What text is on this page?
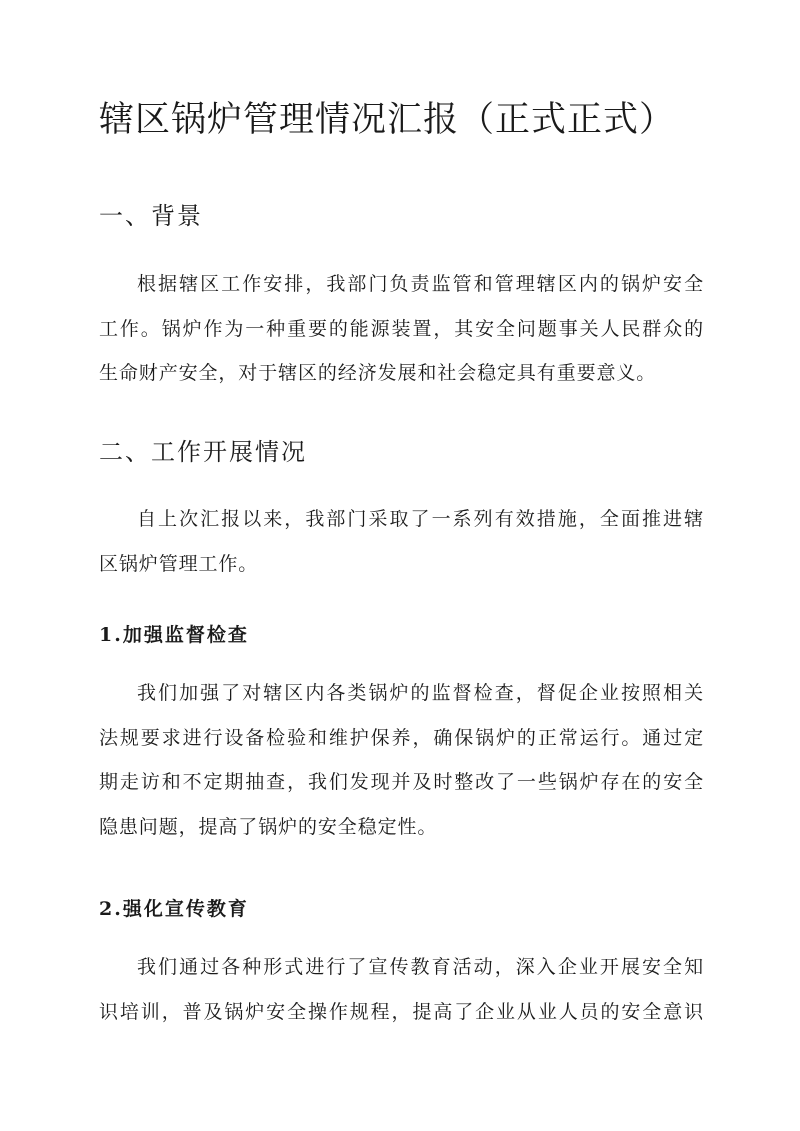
辖区锅炉管理情况汇报（正式正式）
一、背景
根据辖区工作安排，我部门负责监管和管理辖区内的锅炉安全
工作。锅炉作为一种重要的能源装置，其安全问题事关人民群众的
生命财产安全，对于辖区的经济发展和社会稳定具有重要意义。
二、工作开展情况
自上次汇报以来，我部门采取了一系列有效措施，全面推进辖
区锅炉管理工作。
1.加强监督检查
我们加强了对辖区内各类锅炉的监督检查，督促企业按照相关
法规要求进行设备检验和维护保养，确保锅炉的正常运行。通过定
期走访和不定期抽查，我们发现并及时整改了一些锅炉存在的安全
隐患问题，提高了锅炉的安全稳定性。
2.强化宣传教育
我们通过各种形式进行了宣传教育活动，深入企业开展安全知
识培训，普及锅炉安全操作规程，提高了企业从业人员的安全意识
